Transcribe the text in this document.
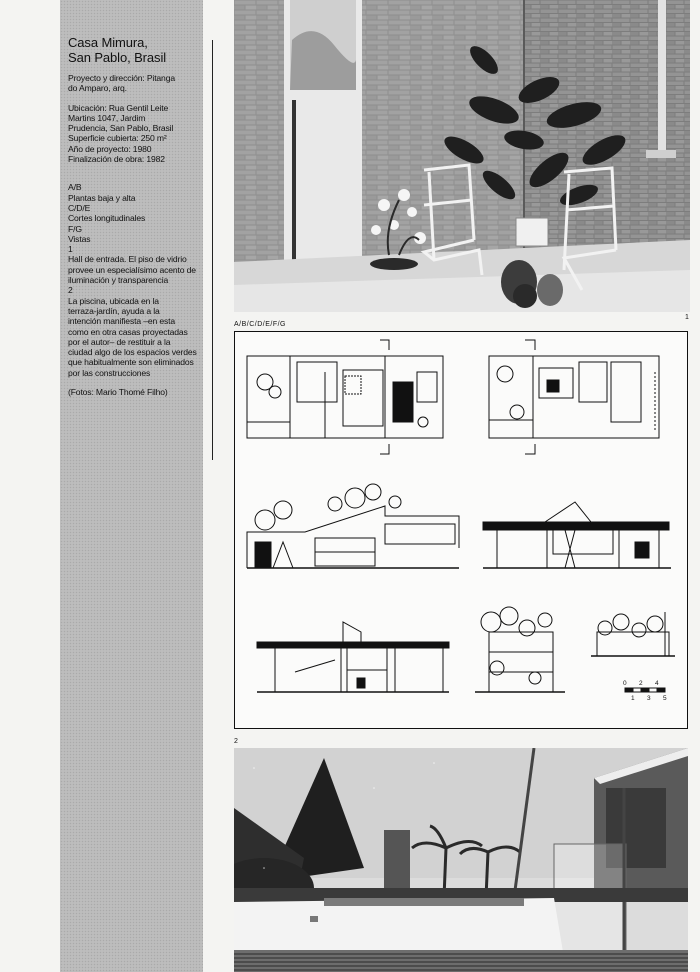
Casa Mimura,
San Pablo, Brasil
Proyecto y dirección: Pitanga
do Amparo, arq.
Ubicación: Rua Gentil Leite
Martins 1047, Jardim
Prudencia, San Pablo, Brasil
Superficie cubierta: 250 m²
Año de proyecto: 1980
Finalización de obra: 1982
A/B
Plantas baja y alta
C/D/E
Cortes longitudinales
F/G
Vistas
1
Hall de entrada. El piso de vidrio
provee un especialísimo acento de
iluminación y transparencia
2
La piscina, ubicada en la
terraza-jardín, ayuda a la
intención manifiesta –en esta
como en otra casas proyectadas
por el autor– de restituir a la
ciudad algo de los espacios verdes
que habitualmente son eliminados
por las construcciones
(Fotos: Mario Thomé Filho)
1
A/B/C/D/E/F/G
0 2 4
1 3 5
2
